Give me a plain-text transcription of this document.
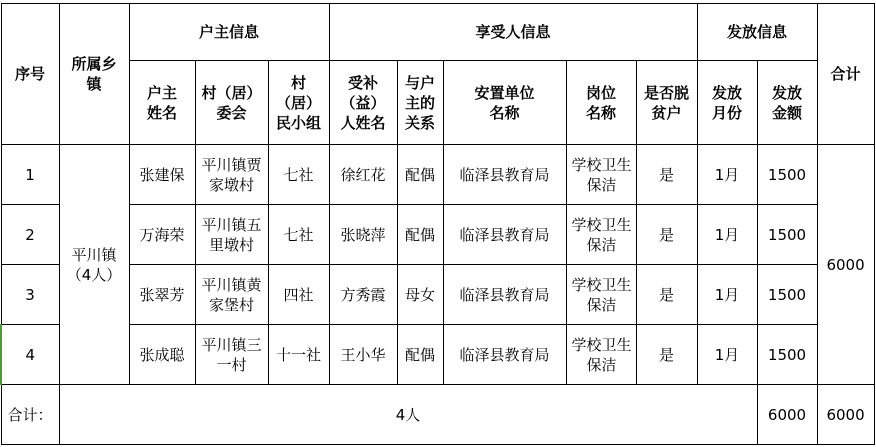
序号	所属乡镇	户主信息			享受人信息					发放信息		合计
		户主姓名	村（居）委会	村（居）民小组	受补（益）人姓名	与户主的关系	安置单位名称	岗位名称	是否脱贫户	发放月份	发放金额	
1	平川镇（4人）	张建保	平川镇贾家墩村	七社	徐红花	配偶	临泽县教育局	学校卫生保洁	是	1月	1500	6000
2		万海荣	平川镇五里墩村	七社	张晓萍	配偶	临泽县教育局	学校卫生保洁	是	1月	1500	
3		张翠芳	平川镇黄家堡村	四社	方秀霞	母女	临泽县教育局	学校卫生保洁	是	1月	1500	
4		张成聪	平川镇三一村	十一社	王小华	配偶	临泽县教育局	学校卫生保洁	是	1月	1500	
合计：	4人										6000	6000
